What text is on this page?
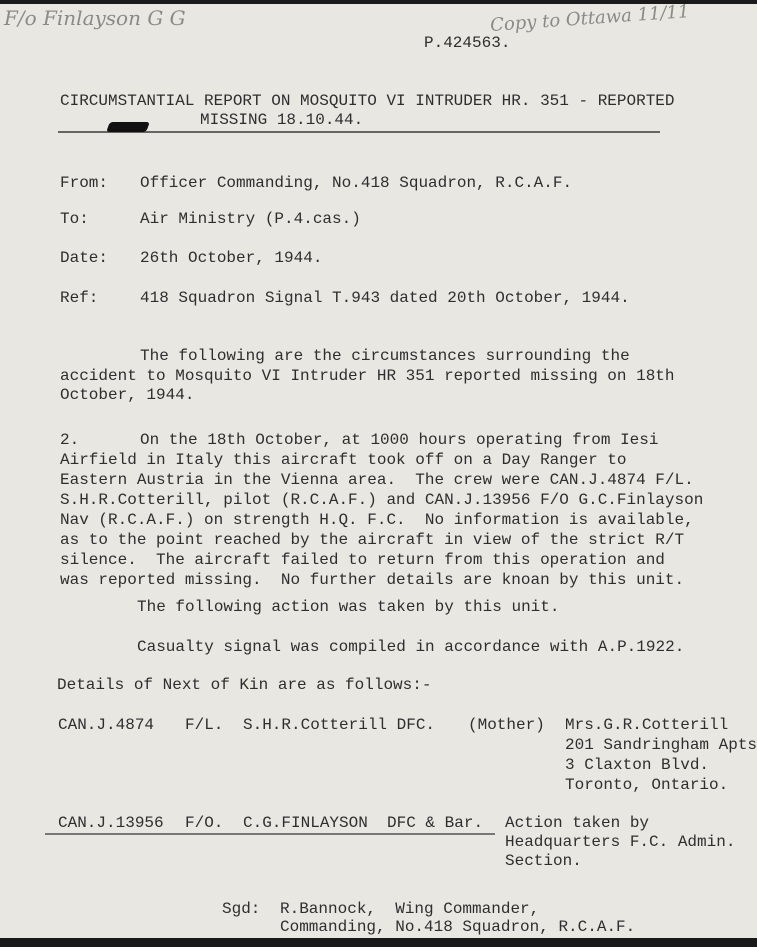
F/o Finlayson G G	Copy to Ottawa 11/11
P.424563.
CIRCUMSTANTIAL REPORT ON MOSQUITO VI INTRUDER HR. 351 - REPORTED
MISSING 18.10.44.
From: Officer Commanding, No.418 Squadron, R.C.A.F.
To:	Air Ministry (P.4.cas.)
Date: 26th October, 1944.
Ref:	418 Squadron Signal T.943 dated 20th October, 1944.
The following are the circumstances surrounding the
accident to Mosquito VI Intruder HR 351 reported missing on 18th
October, 1944.
2.	On the 18th October, at 1000 hours operating from Iesi
Airfield in Italy this aircraft took off on a Day Ranger to
Eastern Austria in the Vienna area.  The crew were CAN.J.4874 F/L.
S.H.R.Cotterill, pilot (R.C.A.F.) and CAN.J.13956 F/O G.C.Finlayson
Nav (R.C.A.F.) on strength H.Q. F.C.  No information is available,
as to the point reached by the aircraft in view of the strict R/T
silence.  The aircraft failed to return from this operation and
was reported missing.  No further details are knoan by this unit.
The following action was taken by this unit.
Casualty signal was compiled in accordance with A.P.1922.
Details of Next of Kin are as follows:-
CAN.J.4874 F/L. S.H.R.Cotterill DFC. (Mother) Mrs.G.R.Cotterill
201 Sandringham Apts
3 Claxton Blvd.
Toronto, Ontario.
CAN.J.13956 F/O. C.G.FINLAYSON  DFC & Bar. Action taken by
Headquarters F.C. Admin.
Section.
Sgd: R.Bannock,  Wing Commander,
Commanding, No.418 Squadron, R.C.A.F.
